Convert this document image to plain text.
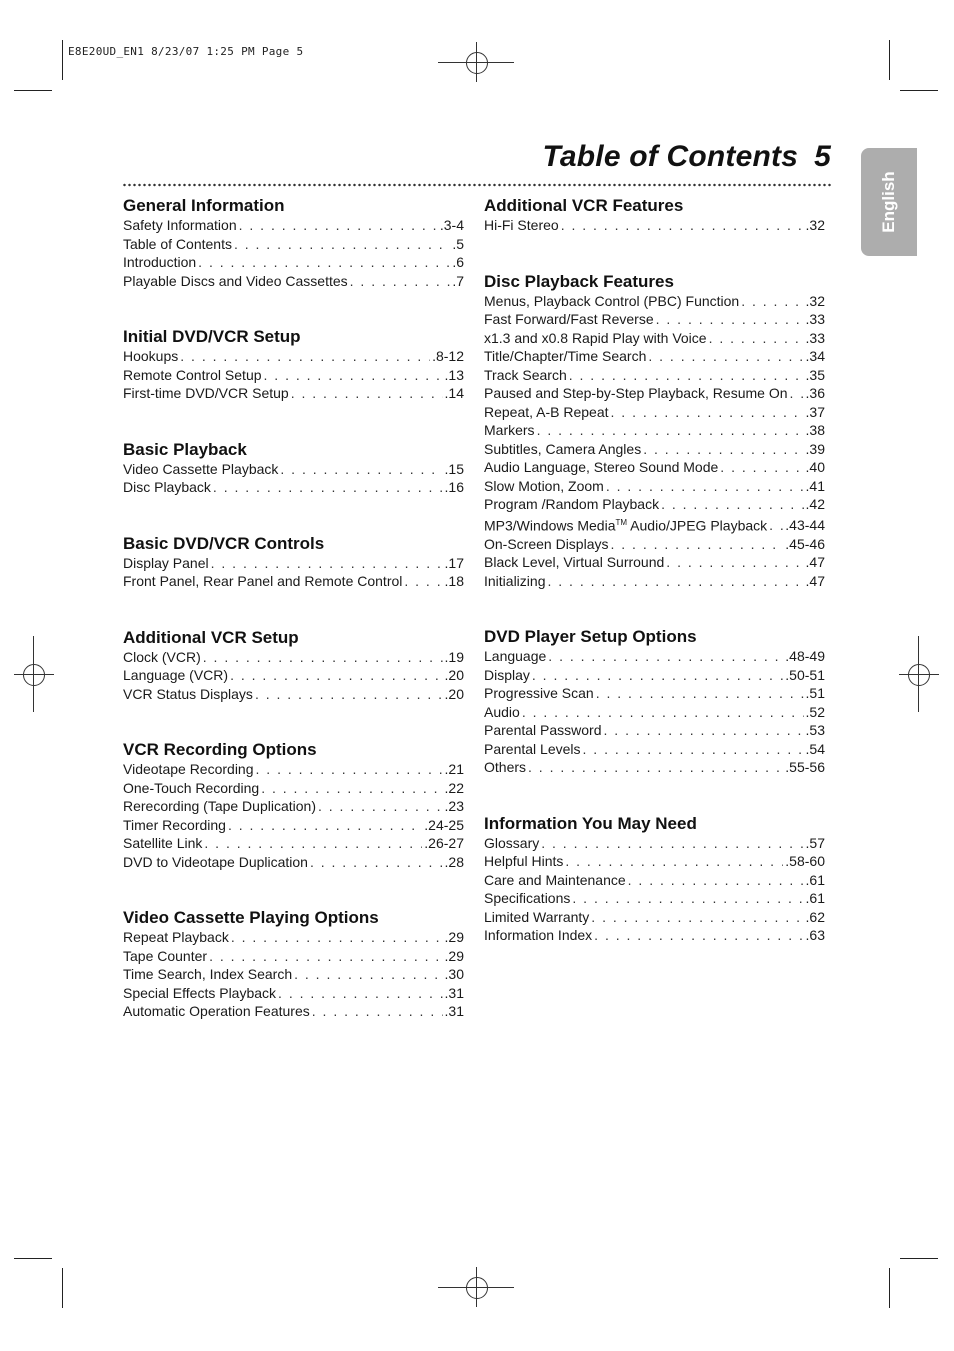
E8E20UD_EN1 8/23/07 1:25 PM Page 5
Table of Contents 5
English
General Information
Safety Information . . .	.3-4
Table of Contents . . .	.5
Introduction . . .	.6
Playable Discs and Video Cassettes . . .	.7
Initial DVD/VCR Setup
Hookups . . .	.8-12
Remote Control Setup . . .	.13
First-time DVD/VCR Setup . . .	.14
Basic Playback
Video Cassette Playback . . .	.15
Disc Playback . . .	.16
Basic DVD/VCR Controls
Display Panel . . .	.17
Front Panel, Rear Panel and Remote Control . . .	.18
Additional VCR Setup
Clock (VCR) . . .	.19
Language (VCR) . . .	.20
VCR Status Displays . . .	.20
VCR Recording Options
Videotape Recording . . .	.21
One-Touch Recording . . .	.22
Rerecording (Tape Duplication) . . .	.23
Timer Recording . . .	.24-25
Satellite Link . . .	.26-27
DVD to Videotape Duplication . . .	.28
Video Cassette Playing Options
Repeat Playback . . .	.29
Tape Counter . . .	.29
Time Search, Index Search . . .	.30
Special Effects Playback . . .	.31
Automatic Operation Features . . .	.31
Additional VCR Features
Hi-Fi Stereo . . .	.32
Disc Playback Features
Menus, Playback Control (PBC) Function . . .	.32
Fast Forward/Fast Reverse . . .	.33
x1.3 and x0.8 Rapid Play with Voice . . .	.33
Title/Chapter/Time Search . . .	.34
Track Search . . .	.35
Paused and Step-by-Step Playback, Resume On . . . .36
Repeat, A-B Repeat . . .	.37
Markers . . .	.38
Subtitles, Camera Angles . . .	.39
Audio Language, Stereo Sound Mode . . .	.40
Slow Motion, Zoom . . .	.41
Program /Random Playback . . .	.42
MP3/Windows Media™ Audio/JPEG Playback . . . .43-44
On-Screen Displays . . .	.45-46
Black Level, Virtual Surround . . .	.47
Initializing . . .	.47
DVD Player Setup Options
Language . . .	.48-49
Display . . .	.50-51
Progressive Scan . . .	.51
Audio . . .	.52
Parental Password . . .	.53
Parental Levels . . .	.54
Others . . .	.55-56
Information You May Need
Glossary . . .	.57
Helpful Hints . . .	.58-60
Care and Maintenance . . .	.61
Specifications . . .	.61
Limited Warranty . . .	.62
Information Index . . .	.63
